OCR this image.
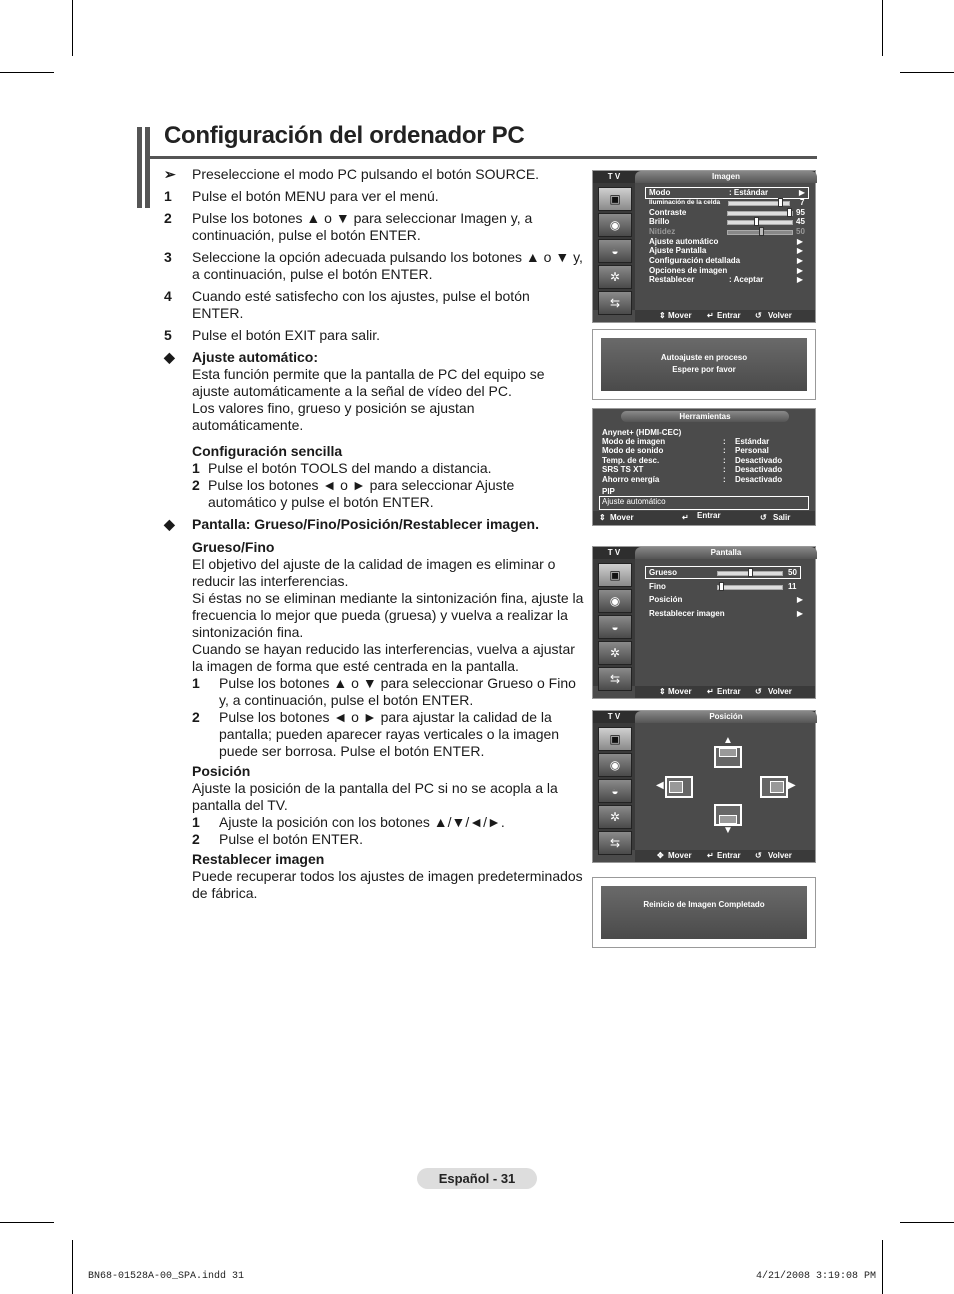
Configuración del ordenador PC
➢	Preseleccione el modo PC pulsando el botón SOURCE.
1	Pulse el botón MENU para ver el menú.
2	Pulse los botones ▲ o ▼ para seleccionar Imagen y, a continuación, pulse el botón ENTER.
3	Seleccione la opción adecuada pulsando los botones ▲ o ▼ y, a continuación, pulse el botón ENTER.
4	Cuando esté satisfecho con los ajustes, pulse el botón ENTER.
5	Pulse el botón EXIT para salir.
◆	Ajuste automático:
Esta función permite que la pantalla de PC del equipo se ajuste automáticamente a la señal de vídeo del PC.
Los valores fino, grueso y posición se ajustan automáticamente.
Configuración sencilla
1 Pulse el botón TOOLS del mando a distancia.
2 Pulse los botones ◄ o ► para seleccionar Ajuste automático y pulse el botón ENTER.
◆	Pantalla: Grueso/Fino/Posición/Restablecer imagen.
Grueso/Fino
El objetivo del ajuste de la calidad de imagen es eliminar o reducir las interferencias.
Si éstas no se eliminan mediante la sintonización fina, ajuste la frecuencia lo mejor que pueda (gruesa) y vuelva a realizar la sintonización fina.
Cuando se hayan reducido las interferencias, vuelva a ajustar la imagen de forma que esté centrada en la pantalla.
1	Pulse los botones ▲ o ▼ para seleccionar Grueso o Fino y, a continuación, pulse el botón ENTER.
2	Pulse los botones ◄ o ► para ajustar la calidad de la pantalla; pueden aparecer rayas verticales o la imagen puede ser borrosa. Pulse el botón ENTER.
Posición
Ajuste la posición de la pantalla del PC si no se acopla a la pantalla del TV.
1	Ajuste la posición con los botones ▲/▼/◄/►.
2	Pulse el botón ENTER.
Restablecer imagen
Puede recuperar todos los ajustes de imagen predeterminados de fábrica.
T V	Imagen
▣
◉
◒
✲
⇆
Modo	: Estándar	▶
Iluminación de la celda	7
Contraste	95
Brillo	45
Nitidez	50
Ajuste automático	▶
Ajuste Pantalla	▶
Configuración detallada	▶
Opciones de imagen	▶
Restablecer	: Aceptar	▶
⇕ Mover ↵ Entrar ↺ Volver
Autoajuste en proceso
Espere por favor
Herramientas
Anynet+ (HDMI-CEC)
Modo de imagen	: Estándar
Modo de sonido	: Personal
Temp. de desc.	: Desactivado
SRS TS XT	: Desactivado
Ahorro energía	: Desactivado
PIP
Ajuste automático
⇕ Mover	↵ Entrar	↺ Salir
T V	Pantalla
▣
◉
◒
✲
⇆
Grueso	50
Fino	11
Posición	▶
Restablecer imagen	▶
⇕ Mover ↵ Entrar ↺ Volver
T V	Posición
▣
◉
◒
✲
⇆
▲
◀	▶
▼
✥ Mover ↵ Entrar ↺ Volver
Reinicio de Imagen Completado
Español - 31
BN68-01528A-00_SPA.indd 31	4/21/2008 3:19:08 PM
